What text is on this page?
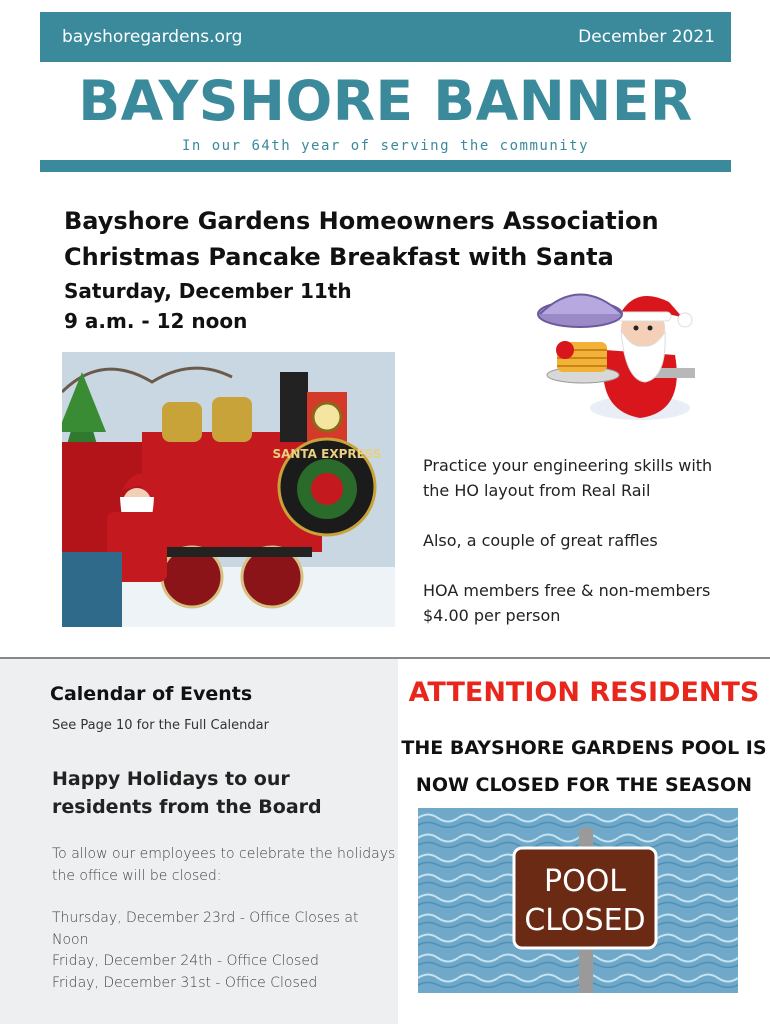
bayshoregardens.org	December 2021
BAYSHORE BANNER
In our 64th year of serving the community
Bayshore Gardens Homeowners Association
Christmas Pancake Breakfast with Santa
Saturday, December 11th
9 a.m. - 12 noon
SANTA EXPRESS

Practice your engineering skills with the HO layout from Real Rail

Also, a couple of great raffles

HOA members free & non-members $4.00 per person

Calendar of Events
See Page 10 for the Full Calendar
Happy Holidays to our residents from the Board
To allow our employees to celebrate the holidays the office will be closed:
Thursday, December 23rd - Office Closes at Noon
Friday, December 24th - Office Closed
Friday, December 31st - Office Closed
ATTENTION RESIDENTS
THE BAYSHORE GARDENS POOL IS
NOW CLOSED FOR THE SEASON
POOL
CLOSED
